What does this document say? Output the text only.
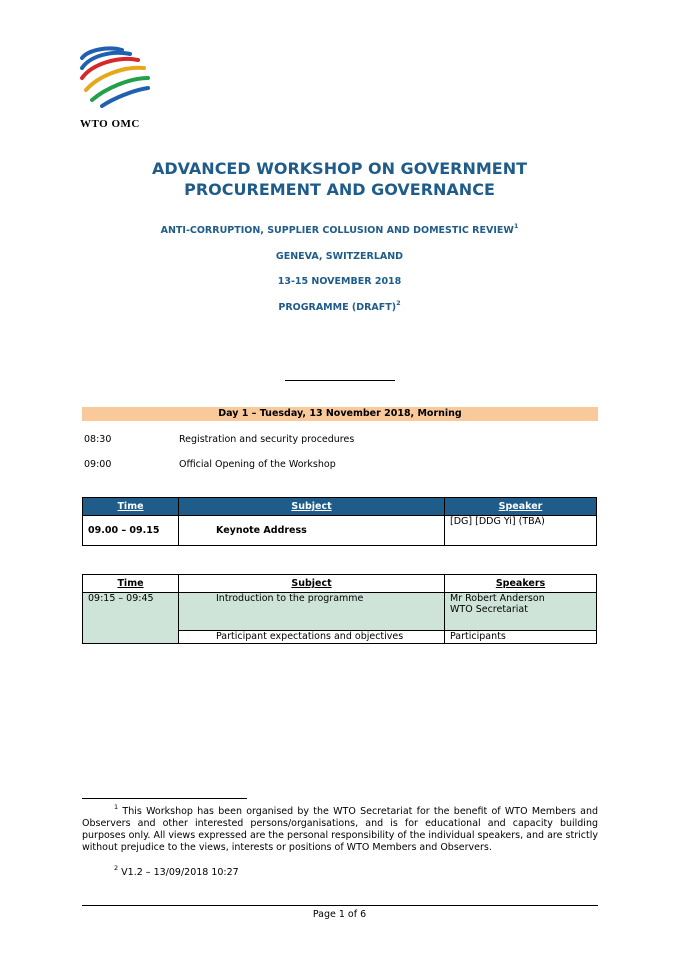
WTO OMC
ADVANCED WORKSHOP ON GOVERNMENT
PROCUREMENT AND GOVERNANCE
ANTI-CORRUPTION, SUPPLIER COLLUSION AND DOMESTIC REVIEW$^1$
GENEVA, SWITZERLAND
13-15 NOVEMBER 2018
PROGRAMME (DRAFT)$^2$
Day 1 – Tuesday, 13 November 2018, Morning
08:30	Registration and security procedures
09:00	Official Opening of the Workshop
Time	Subject	Speaker
09.00 – 09.15	Keynote Address	[DG] [DDG Yi] (TBA)
Time	Subject	Speakers
09:15 – 09:45	Introduction to the programme	Mr Robert Anderson
WTO Secretariat

	Participant expectations and objectives	Participants
$^1$ This Workshop has been organised by the WTO Secretariat for the benefit of WTO Members and Observers and other interested persons/organisations, and is for educational and capacity building purposes only. All views expressed are the personal responsibility of the individual speakers, and are strictly without prejudice to the views, interests or positions of WTO Members and Observers.
$^2$ V1.2 – 13/09/2018 10:27
Page 1 of 6
